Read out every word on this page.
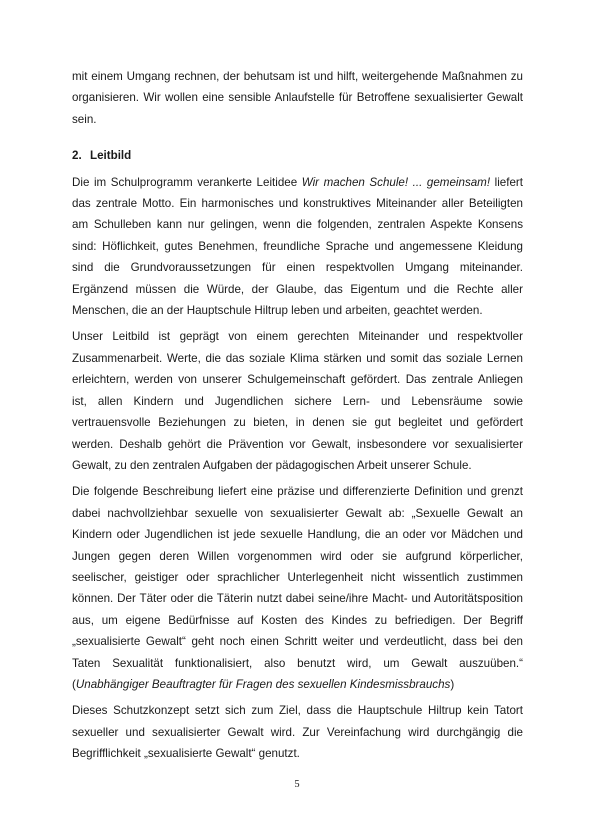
mit einem Umgang rechnen, der behutsam ist und hilft, weitergehende Maßnahmen zu organisieren. Wir wollen eine sensible Anlaufstelle für Betroffene sexualisierter Gewalt sein.

2. Leitbild

Die im Schulprogramm verankerte Leitidee Wir machen Schule! ... gemeinsam! liefert das zentrale Motto. Ein harmonisches und konstruktives Miteinander aller Beteiligten am Schulleben kann nur gelingen, wenn die folgenden, zentralen Aspekte Konsens sind: Höflichkeit, gutes Benehmen, freundliche Sprache und angemessene Kleidung sind die Grundvoraussetzungen für einen respektvollen Umgang miteinander. Ergänzend müssen die Würde, der Glaube, das Eigentum und die Rechte aller Menschen, die an der Hauptschule Hiltrup leben und arbeiten, geachtet werden.

Unser Leitbild ist geprägt von einem gerechten Miteinander und respektvoller Zusammenarbeit. Werte, die das soziale Klima stärken und somit das soziale Lernen erleichtern, werden von unserer Schulgemeinschaft gefördert. Das zentrale Anliegen ist, allen Kindern und Jugendlichen sichere Lern- und Lebensräume sowie vertrauensvolle Beziehungen zu bieten, in denen sie gut begleitet und gefördert werden. Deshalb gehört die Prävention vor Gewalt, insbesondere vor sexualisierter Gewalt, zu den zentralen Aufgaben der pädagogischen Arbeit unserer Schule.

Die folgende Beschreibung liefert eine präzise und differenzierte Definition und grenzt dabei nachvollziehbar sexuelle von sexualisierter Gewalt ab: „Sexuelle Gewalt an Kindern oder Jugendlichen ist jede sexuelle Handlung, die an oder vor Mädchen und Jungen gegen deren Willen vorgenommen wird oder sie aufgrund körperlicher, seelischer, geistiger oder sprachlicher Unterlegenheit nicht wissentlich zustimmen können. Der Täter oder die Täterin nutzt dabei seine/ihre Macht- und Autoritätsposition aus, um eigene Bedürfnisse auf Kosten des Kindes zu befriedigen. Der Begriff „sexualisierte Gewalt“ geht noch einen Schritt weiter und verdeutlicht, dass bei den Taten Sexualität funktionalisiert, also benutzt wird, um Gewalt auszuüben.“ (Unabhängiger Beauftragter für Fragen des sexuellen Kindesmissbrauchs)

Dieses Schutzkonzept setzt sich zum Ziel, dass die Hauptschule Hiltrup kein Tatort sexueller und sexualisierter Gewalt wird. Zur Vereinfachung wird durchgängig die Begrifflichkeit „sexualisierte Gewalt“ genutzt.

5
